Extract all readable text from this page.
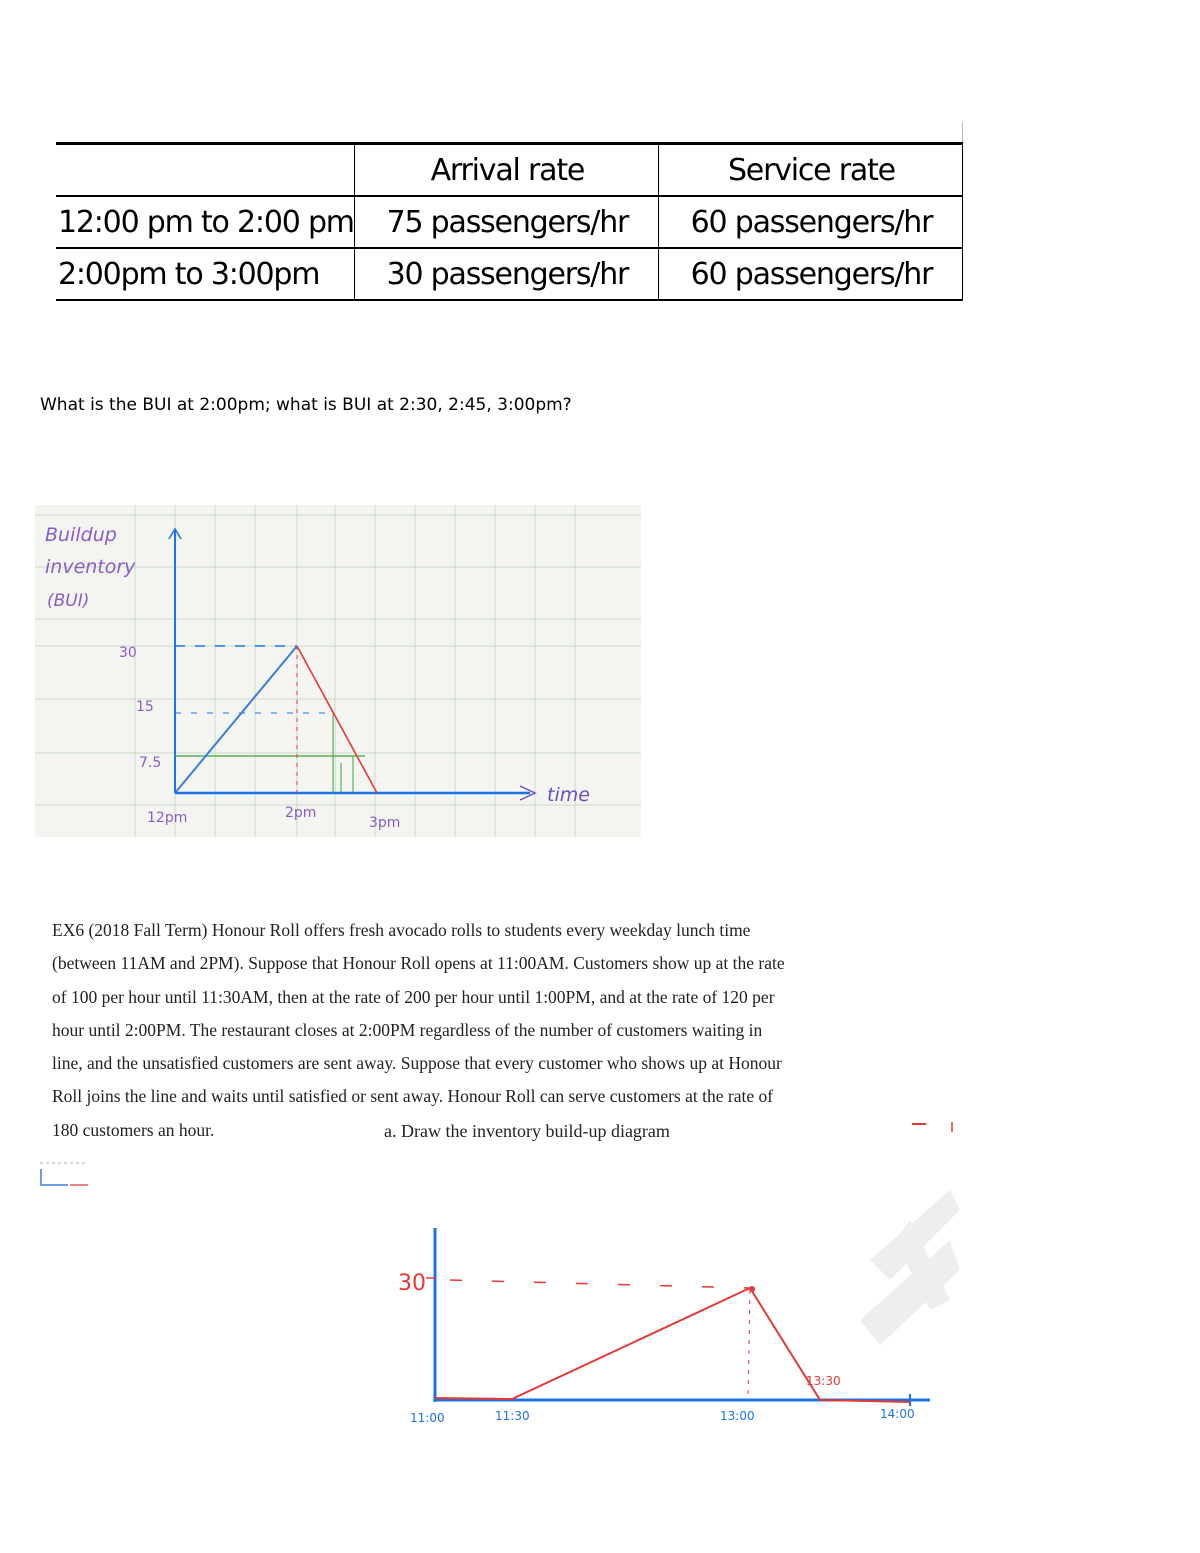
	Arrival rate	Service rate
12:00 pm to 2:00 pm	75 passengers/hr	60 passengers/hr
2:00pm to 3:00pm	30 passengers/hr	60 passengers/hr
What is the BUI at 2:00pm; what is BUI at 2:30, 2:45, 3:00pm?
Buildup
inventory
(BUI)
time
30
15
7.5
12pm	2pm
3pm
EX6 (2018 Fall Term) Honour Roll offers fresh avocado rolls to students every weekday lunch time
(between 11AM and 2PM). Suppose that Honour Roll opens at 11:00AM. Customers show up at the rate
of 100 per hour until 11:30AM, then at the rate of 200 per hour until 1:00PM, and at the rate of 120 per
hour until 2:00PM. The restaurant closes at 2:00PM regardless of the number of customers waiting in
line, and the unsatisfied customers are sent away. Suppose that every customer who shows up at Honour
Roll joins the line and waits until satisfied or sent away. Honour Roll can serve customers at the rate of
180 customers an hour.	a. Draw the inventory build-up diagram
30
11:00	11:30	13:00
13:30
14:00
